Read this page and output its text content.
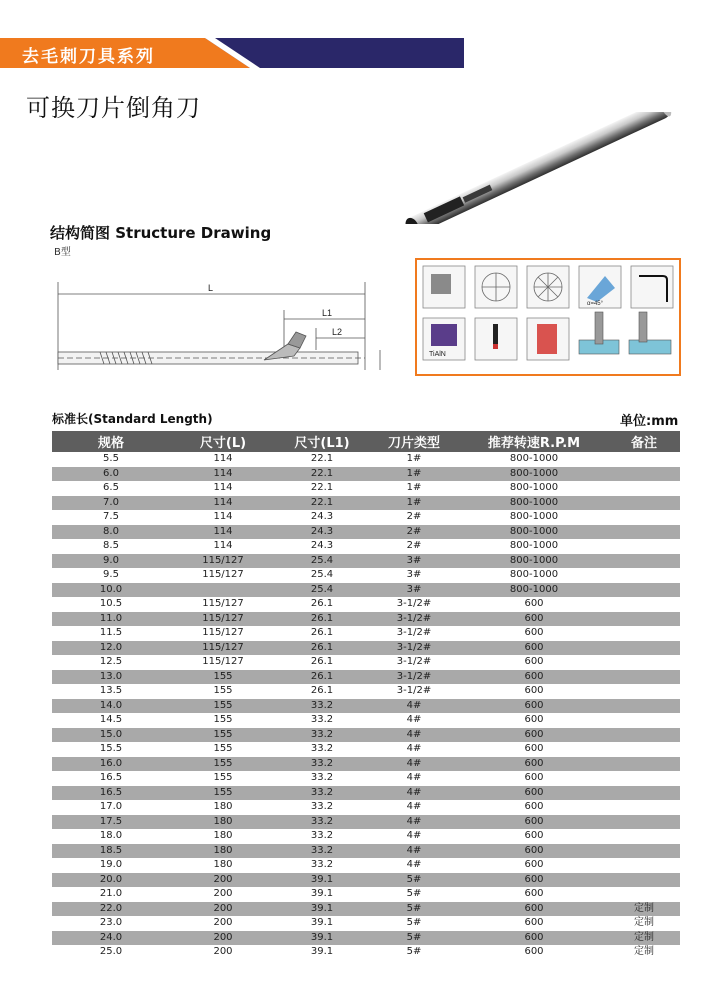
去毛刺刀具系列
可换刀片倒角刀
结构简图 Structure Drawing
B型
L
L1
L2
α=45°
TiAlN
标准长(Standard Length)	单位:mm
规格	尺寸(L)	尺寸(L1)	刀片类型	推荐转速R.P.M	备注
5.5	114	22.1	1#	800-1000	
6.0	114	22.1	1#	800-1000	
6.5	114	22.1	1#	800-1000	
7.0	114	22.1	1#	800-1000	
7.5	114	24.3	2#	800-1000	
8.0	114	24.3	2#	800-1000	
8.5	114	24.3	2#	800-1000	
9.0	115/127	25.4	3#	800-1000	
9.5	115/127	25.4	3#	800-1000	
10.0		25.4	3#	800-1000	
10.5	115/127	26.1	3-1/2#	600	
11.0	115/127	26.1	3-1/2#	600	
11.5	115/127	26.1	3-1/2#	600	
12.0	115/127	26.1	3-1/2#	600	
12.5	115/127	26.1	3-1/2#	600	
13.0	155	26.1	3-1/2#	600	
13.5	155	26.1	3-1/2#	600	
14.0	155	33.2	4#	600	
14.5	155	33.2	4#	600	
15.0	155	33.2	4#	600	
15.5	155	33.2	4#	600	
16.0	155	33.2	4#	600	
16.5	155	33.2	4#	600	
16.5	155	33.2	4#	600	
17.0	180	33.2	4#	600	
17.5	180	33.2	4#	600	
18.0	180	33.2	4#	600	
18.5	180	33.2	4#	600	
19.0	180	33.2	4#	600	
20.0	200	39.1	5#	600	
21.0	200	39.1	5#	600	
22.0	200	39.1	5#	600	定制
23.0	200	39.1	5#	600	定制
24.0	200	39.1	5#	600	定制
25.0	200	39.1	5#	600	定制
